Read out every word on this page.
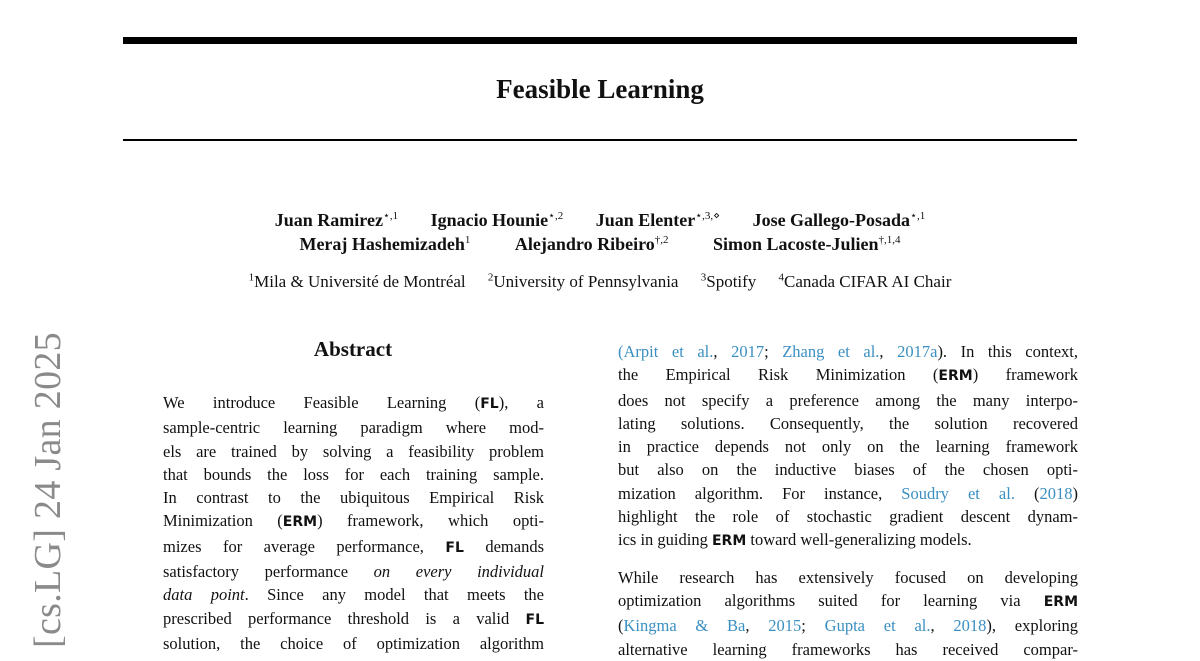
Feasible Learning
Juan Ramirez$^{⋆,1}$ Ignacio Hounie$^{⋆,2}$ Juan Elenter$^{⋆,3,⋄}$ Jose Gallego-Posada$^{⋆,1}$
Meraj Hashemizadeh$^1$ Alejandro Ribeiro$^{\dagger,2}$ Simon Lacoste-Julien$^{\dagger,1,4}$
$^1$Mila & Université de Montréal $^2$University of Pennsylvania $^3$Spotify $^4$Canada CIFAR AI Chair
[cs.LG] 24 Jan 2025	Abstract
We introduce Feasible Learning (FL), a
sample-centric learning paradigm where mod-
els are trained by solving a feasibility problem
that bounds the loss for each training sample.
In contrast to the ubiquitous Empirical Risk
Minimization (ERM) framework, which opti-
mizes for average performance, FL demands
satisfactory performance on every individual
data point. Since any model that meets the
prescribed performance threshold is a valid FL
solution, the choice of optimization algorithm
(Arpit et al., 2017; Zhang et al., 2017a). In this context,
the Empirical Risk Minimization (ERM) framework
does not specify a preference among the many interpo-
lating solutions. Consequently, the solution recovered
in practice depends not only on the learning framework
but also on the inductive biases of the chosen opti-
mization algorithm. For instance, Soudry et al. (2018)
highlight the role of stochastic gradient descent dynam-
ics in guiding ERM toward well-generalizing models.
While research has extensively focused on developing
optimization algorithms suited for learning via ERM
(Kingma & Ba, 2015; Gupta et al., 2018), exploring
alternative learning frameworks has received compar-
